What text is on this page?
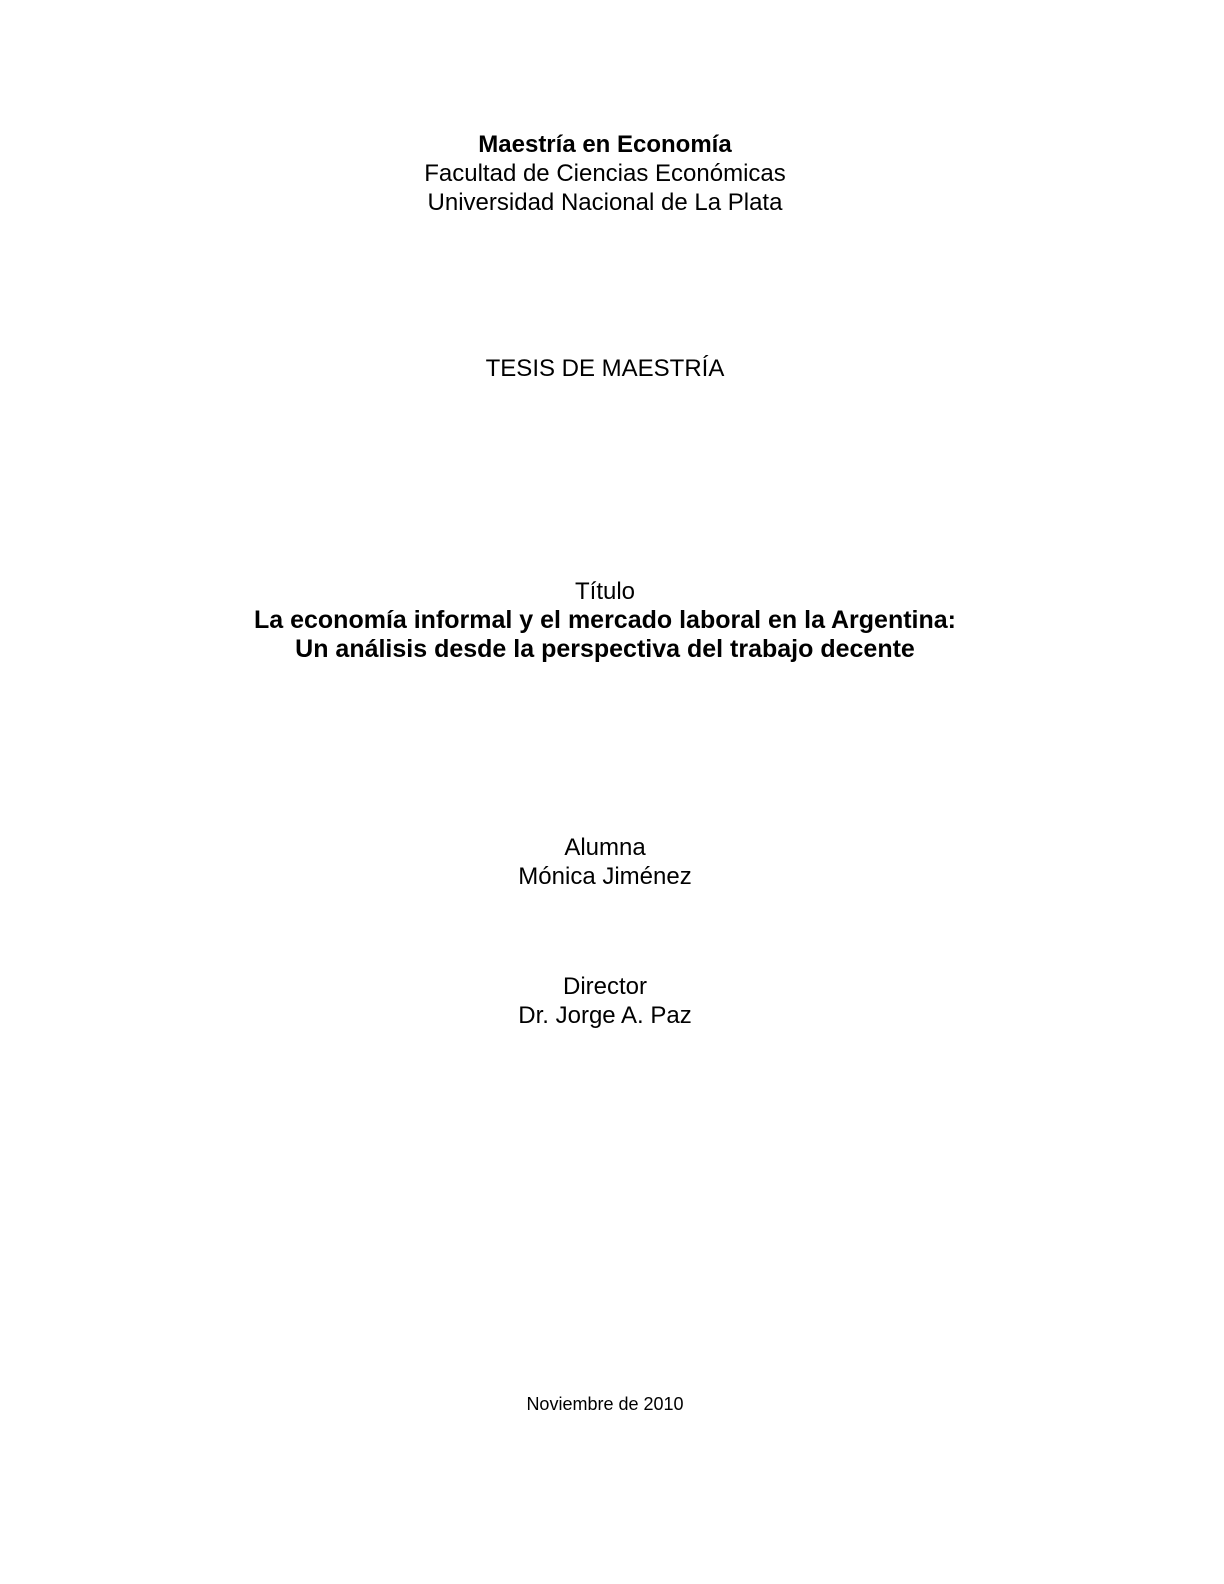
Maestría en Economía
Facultad de Ciencias Económicas
Universidad Nacional de La Plata
TESIS DE MAESTRÍA
Título
La economía informal y el mercado laboral en la Argentina:
Un análisis desde la perspectiva del trabajo decente
Alumna
Mónica Jiménez
Director
Dr. Jorge A. Paz
Noviembre de 2010
